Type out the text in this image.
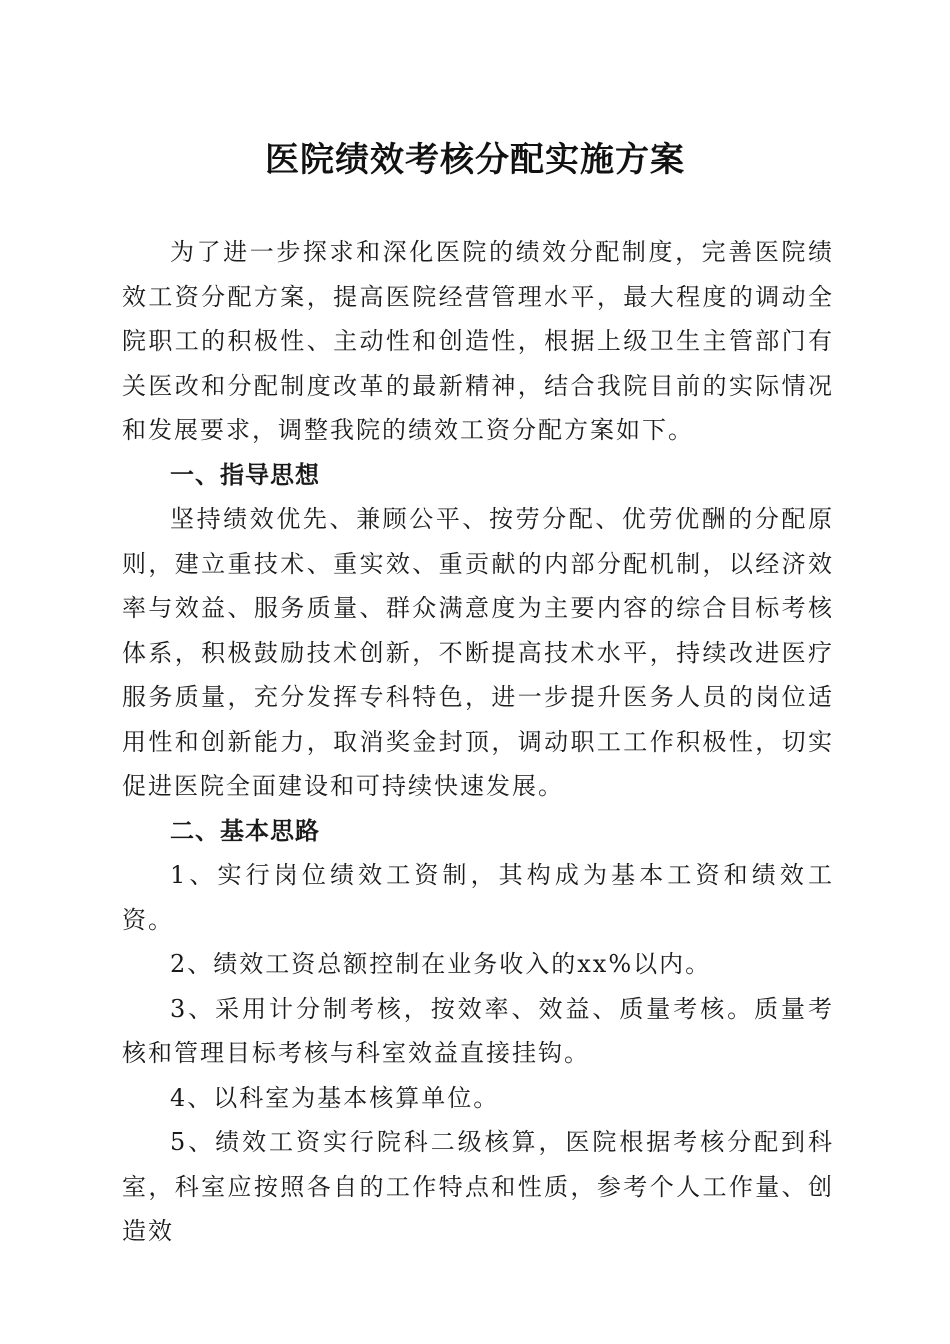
医院绩效考核分配实施方案

为了进一步探求和深化医院的绩效分配制度，完善医院绩效工资分配方案，提高医院经营管理水平，最大程度的调动全院职工的积极性、主动性和创造性，根据上级卫生主管部门有关医改和分配制度改革的最新精神，结合我院目前的实际情况和发展要求，调整我院的绩效工资分配方案如下。

一、指导思想

坚持绩效优先、兼顾公平、按劳分配、优劳优酬的分配原则，建立重技术、重实效、重贡献的内部分配机制，以经济效率与效益、服务质量、群众满意度为主要内容的综合目标考核体系，积极鼓励技术创新，不断提高技术水平，持续改进医疗服务质量，充分发挥专科特色，进一步提升医务人员的岗位适用性和创新能力，取消奖金封顶，调动职工工作积极性，切实促进医院全面建设和可持续快速发展。

二、基本思路

1、实行岗位绩效工资制，其构成为基本工资和绩效工资。

2、绩效工资总额控制在业务收入的xx%以内。

3、采用计分制考核，按效率、效益、质量考核。质量考核和管理目标考核与科室效益直接挂钩。

4、以科室为基本核算单位。

5、绩效工资实行院科二级核算，医院根据考核分配到科室，科室应按照各自的工作特点和性质，参考个人工作量、创造效
